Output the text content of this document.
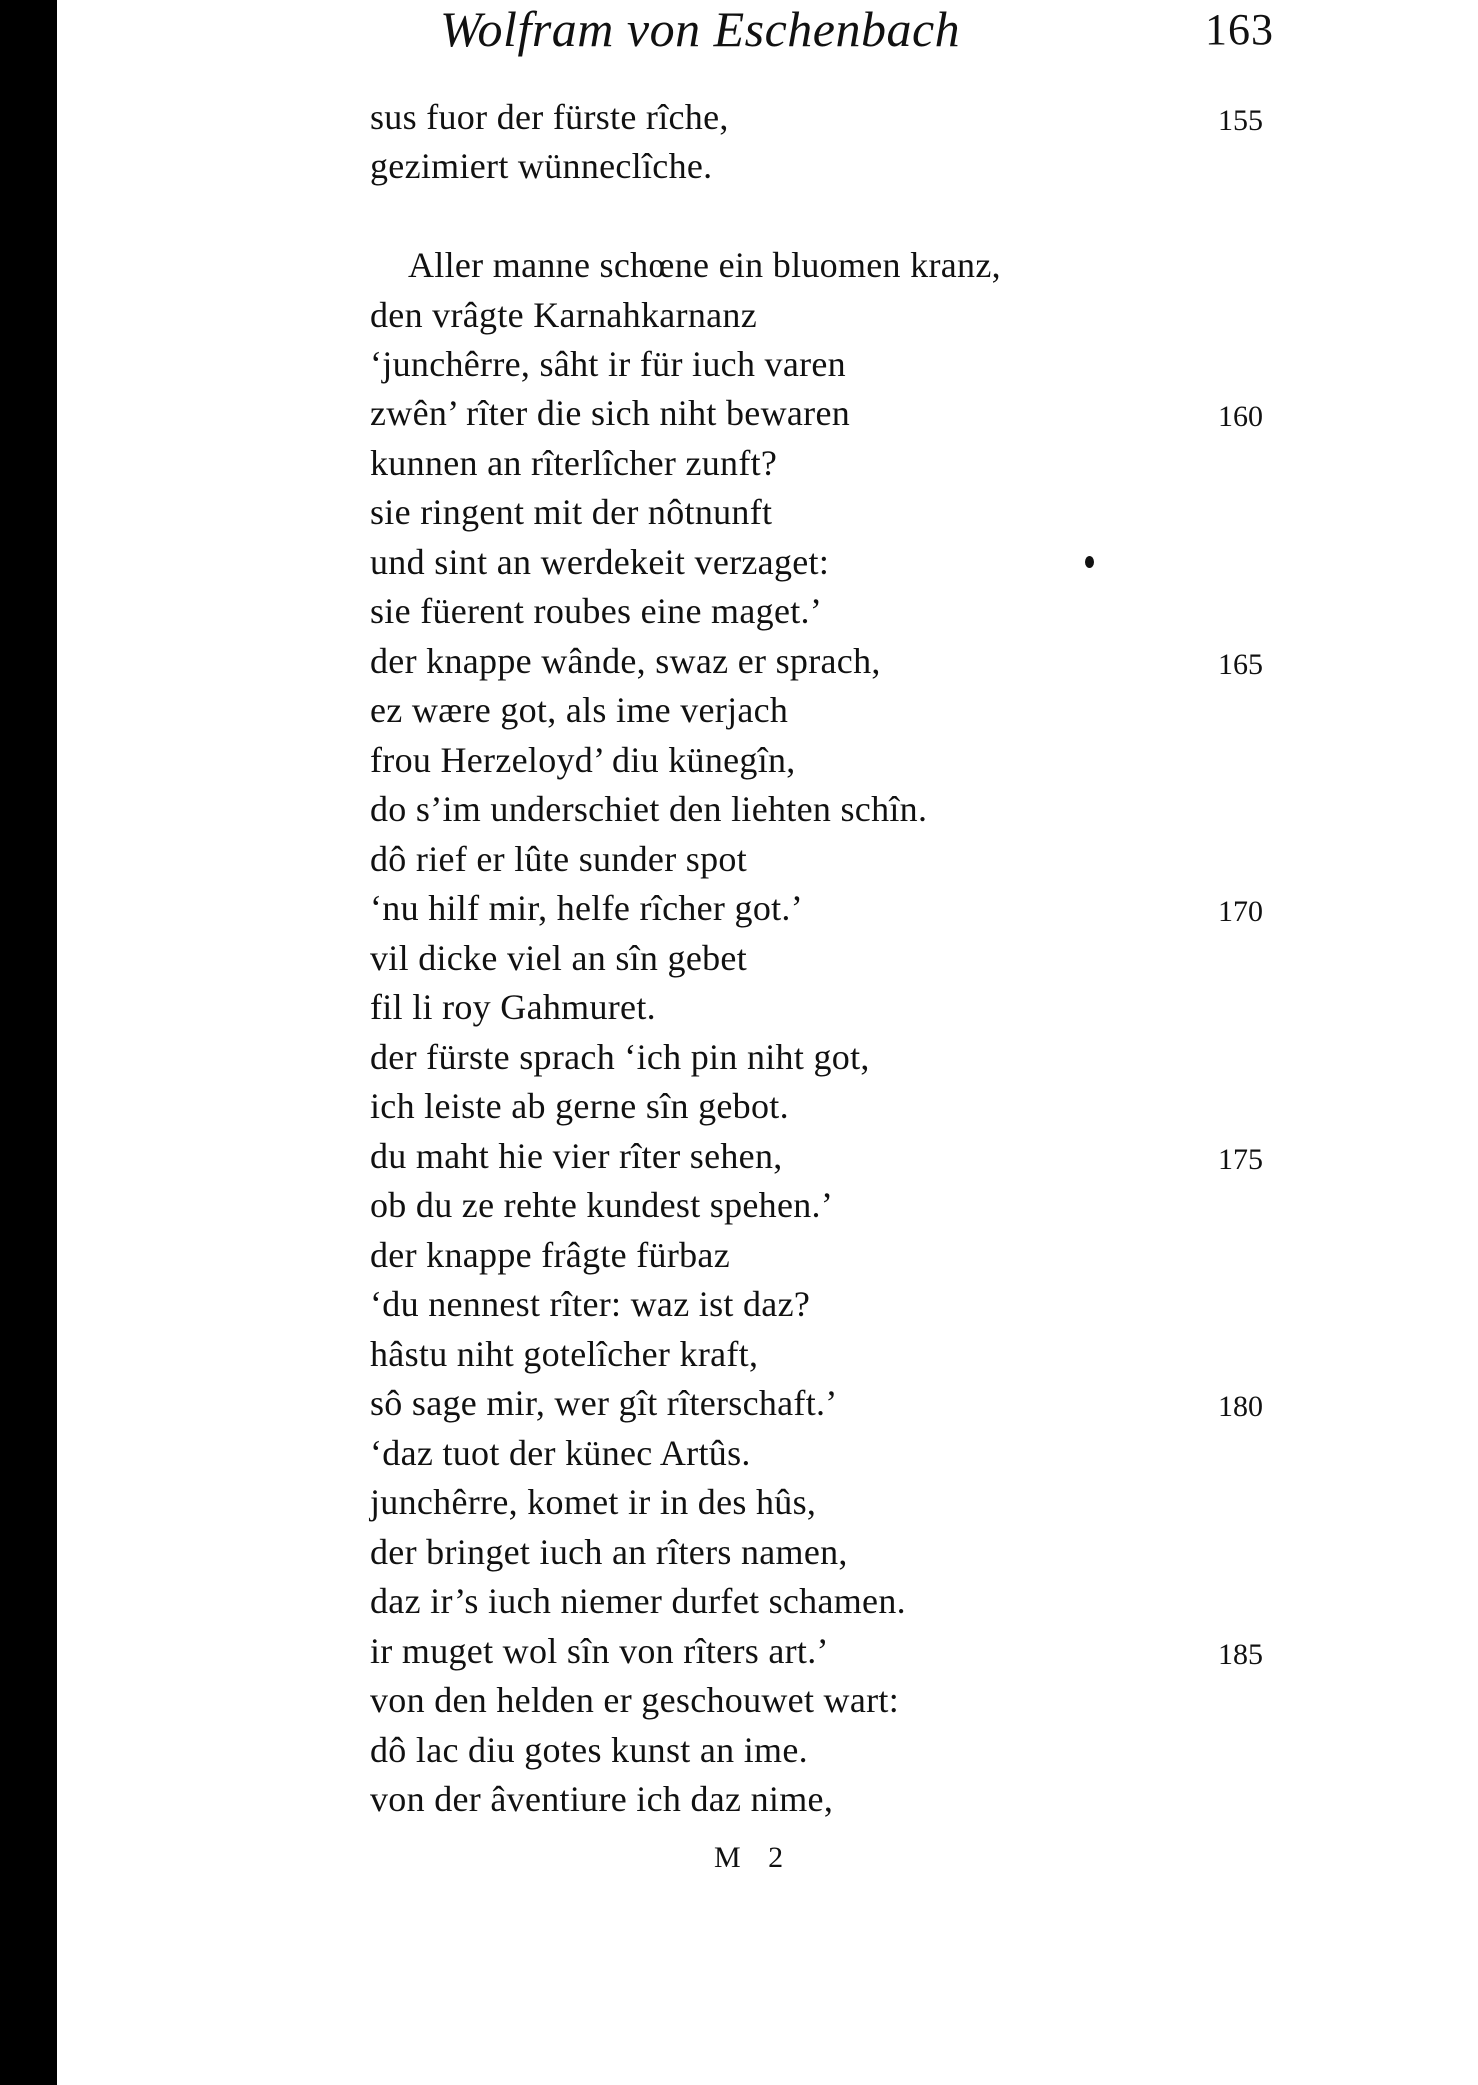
Wolfram von Eschenbach	163
sus fuor der fürste rîche,
gezimiert wünneclîche.
Aller manne schœne ein bluomen kranz,
den vrâgte Karnahkarnanz
‘junchêrre, sâht ir für iuch varen
zwên’ rîter die sich niht bewaren
kunnen an rîterlîcher zunft?
sie ringent mit der nôtnunft
und sint an werdekeit verzaget:
sie füerent roubes eine maget.’
der knappe wânde, swaz er sprach,
ez wære got, als ime verjach
frou Herzeloyd’ diu künegîn,
do s’im underschiet den liehten schîn.
dô rief er lûte sunder spot
‘nu hilf mir, helfe rîcher got.’
vil dicke viel an sîn gebet
fil li roy Gahmuret.
der fürste sprach ‘ich pin niht got,
ich leiste ab gerne sîn gebot.
du maht hie vier rîter sehen,
ob du ze rehte kundest spehen.’
der knappe frâgte fürbaz
‘du nennest rîter: waz ist daz?
hâstu niht gotelîcher kraft,
sô sage mir, wer gît rîterschaft.’
‘daz tuot der künec Artûs.
junchêrre, komet ir in des hûs,
der bringet iuch an rîters namen,
daz ir’s iuch niemer durfet schamen.
ir muget wol sîn von rîters art.’
von den helden er geschouwet wart:
dô lac diu gotes kunst an ime.
von der âventiure ich daz nime,
155
160
165
170
175
180
185
M 2
